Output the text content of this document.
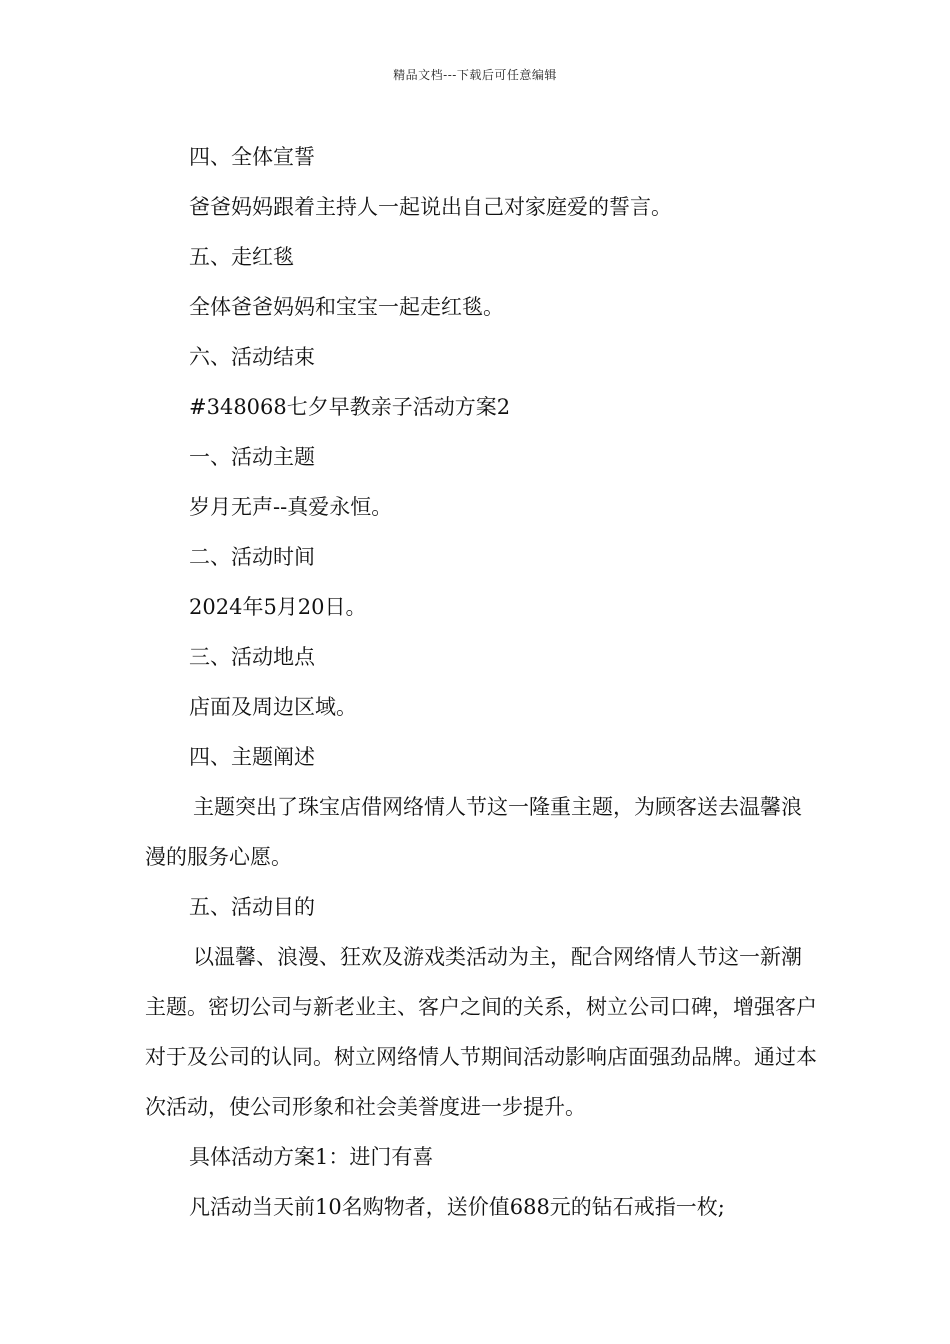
精品文档---下载后可任意编辑

四、全体宣誓

爸爸妈妈跟着主持人一起说出自己对家庭爱的誓言。

五、走红毯

全体爸爸妈妈和宝宝一起走红毯。

六、活动结束

#348068七夕早教亲子活动方案2

一、活动主题

岁月无声--真爱永恒。

二、活动时间

2024年5月20日。

三、活动地点

店面及周边区域。

四、主题阐述

主题突出了珠宝店借网络情人节这一隆重主题，为顾客送去温馨浪漫的服务心愿。

五、活动目的

以温馨、浪漫、狂欢及游戏类活动为主，配合网络情人节这一新潮主题。密切公司与新老业主、客户之间的关系，树立公司口碑，增强客户对于及公司的认同。树立网络情人节期间活动影响店面强劲品牌。通过本次活动，使公司形象和社会美誉度进一步提升。

具体活动方案1：进门有喜

凡活动当天前10名购物者，送价值688元的钻石戒指一枚;
